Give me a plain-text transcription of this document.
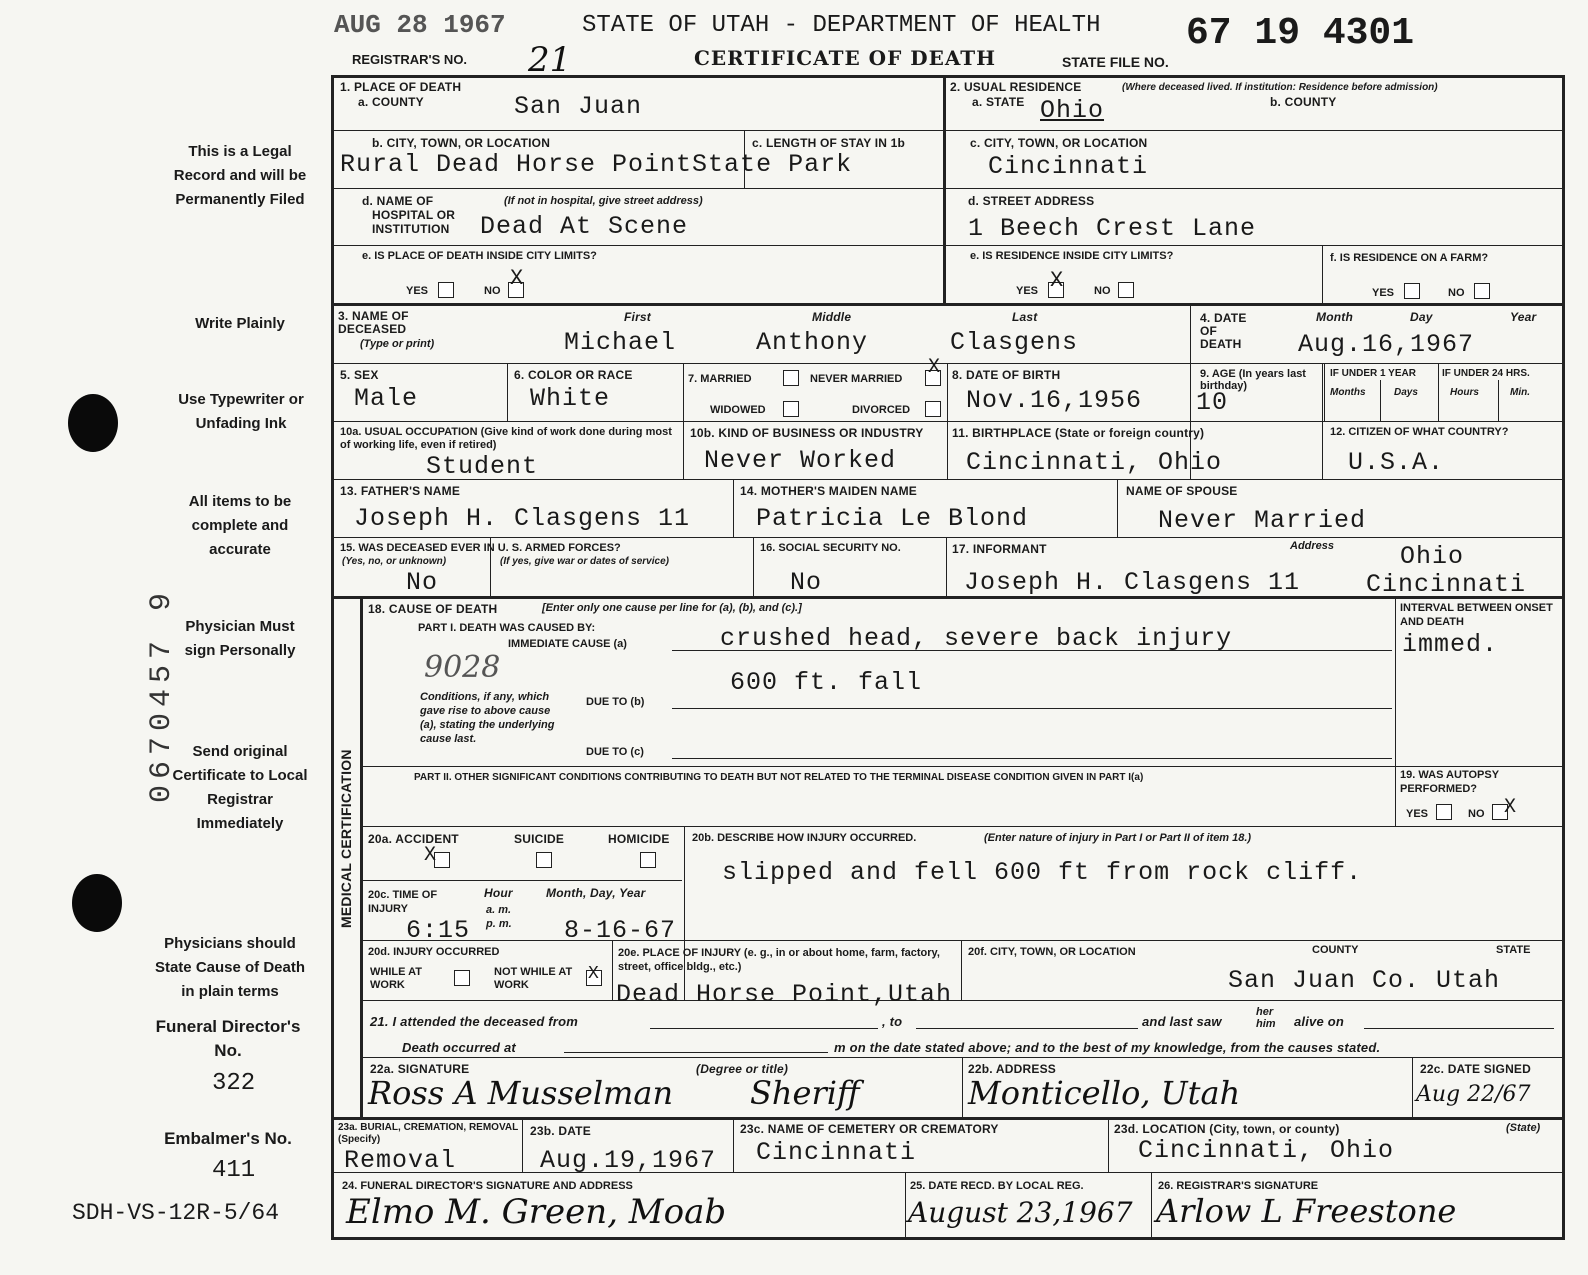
AUG 28 1967	STATE OF UTAH - DEPARTMENT OF HEALTH
REGISTRAR'S NO. 21	CERTIFICATE OF DEATH	STATE FILE NO.
67 19 4301
This is a Legal Record and will be Permanently Filed
Write Plainly
Use Typewriter or Unfading Ink
All items to be complete and accurate
Physician Must sign Personally
Send original Certificate to Local Registrar Immediately
Physicians should State Cause of Death in plain terms
Funeral Director's No.
322
Embalmer's No.
411
SDH-VS-12R-5/64
0670457 9
1. PLACE OF DEATH
a. COUNTY	San Juan
2. USUAL RESIDENCE	(Where deceased lived. If institution: Residence before admission)
a. STATE Ohio	b. COUNTY
b. CITY, TOWN, OR LOCATION
Rural Dead Horse PointState Park
c. LENGTH OF STAY IN 1b	c. CITY, TOWN, OR LOCATION
Cincinnati
d. NAME OF
HOSPITAL OR
INSTITUTION
(If not in hospital, give street address)
Dead At Scene
d. STREET ADDRESS
1 Beech Crest Lane
e. IS PLACE OF DEATH INSIDE CITY LIMITS?
YES	NO X
e. IS RESIDENCE INSIDE CITY LIMITS?
YES X	NO
f. IS RESIDENCE ON A FARM?
YES	NO
3. NAME OF DECEASED
(Type or print)
First	Middle	Last
Michael	Anthony	Clasgens
4. DATE OF DEATH
Month	Day	Year
Aug.16,1967
5. SEX
Male
6. COLOR OR RACE
White
7. MARRIED	NEVER MARRIED X
WIDOWED	DIVORCED
8. DATE OF BIRTH
Nov.16,1956
9. AGE (In years last birthday)
10
IF UNDER 1 YEAR	IF UNDER 24 HRS.
Months	Days	Hours	Min.
10a. USUAL OCCUPATION (Give kind of work done during most of working life, even if retired)
Student
10b. KIND OF BUSINESS OR INDUSTRY
Never Worked
11. BIRTHPLACE (State or foreign country)
Cincinnati, Ohio
12. CITIZEN OF WHAT COUNTRY?
U.S.A.
13. FATHER'S NAME
Joseph H. Clasgens 11
14. MOTHER'S MAIDEN NAME
Patricia Le Blond
NAME OF SPOUSE
Never Married
15. WAS DECEASED EVER IN U. S. ARMED FORCES?
(Yes, no, or unknown)	(If yes, give war or dates of service)
No
16. SOCIAL SECURITY NO.
No
17. INFORMANT
Joseph H. Clasgens 11
Address	Ohio
Cincinnati
MEDICAL CERTIFICATION
18. CAUSE OF DEATH	[Enter only one cause per line for (a), (b), and (c).]
PART I. DEATH WAS CAUSED BY:
IMMEDIATE CAUSE (a)	crushed head, severe back injury
9028
Conditions, if any, which gave rise to above cause (a), stating the underlying cause last.
DUE TO (b)
600 ft. fall
DUE TO (c)
INTERVAL BETWEEN ONSET AND DEATH
immed.
PART II. OTHER SIGNIFICANT CONDITIONS CONTRIBUTING TO DEATH BUT NOT RELATED TO THE TERMINAL DISEASE CONDITION GIVEN IN PART I(a)	19. WAS AUTOPSY PERFORMED?
YES	NO X
20a. ACCIDENT
X
SUICIDE	HOMICIDE 20b. DESCRIBE HOW INJURY OCCURRED.	(Enter nature of injury in Part I or Part II of item 18.)
slipped and fell 600 ft from rock cliff.
20c. TIME OF INJURY
Hour
a. m.
p. m.
Month, Day, Year
6:15	8-16-67
20d. INJURY OCCURRED
WHILE AT WORK
NOT WHILE AT WORK
X
20e. PLACE OF INJURY (e. g., in or about home, farm, factory, street, office bldg., etc.)
Dead Horse Point,Utah
20f. CITY, TOWN, OR LOCATION	COUNTY	STATE
San Juan Co. Utah
21. I attended the deceased from	, to	and last saw
her him	alive on
Death occurred at	m on the date stated above; and to the best of my knowledge, from the causes stated.
22a. SIGNATURE	(Degree or title)
Ross A Musselman Sheriff
22b. ADDRESS
Monticello, Utah
22c. DATE SIGNED
Aug 22/67
23a. BURIAL, CREMATION, REMOVAL (Specify)
Removal
23b. DATE
Aug.19,1967
23c. NAME OF CEMETERY OR CREMATORY
Cincinnati
23d. LOCATION (City, town, or county)	(State)
Cincinnati, Ohio
24. FUNERAL DIRECTOR'S SIGNATURE AND ADDRESS
Elmo M. Green, Moab
25. DATE RECD. BY LOCAL REG.
August 23,1967
26. REGISTRAR'S SIGNATURE
Arlow L Freestone
